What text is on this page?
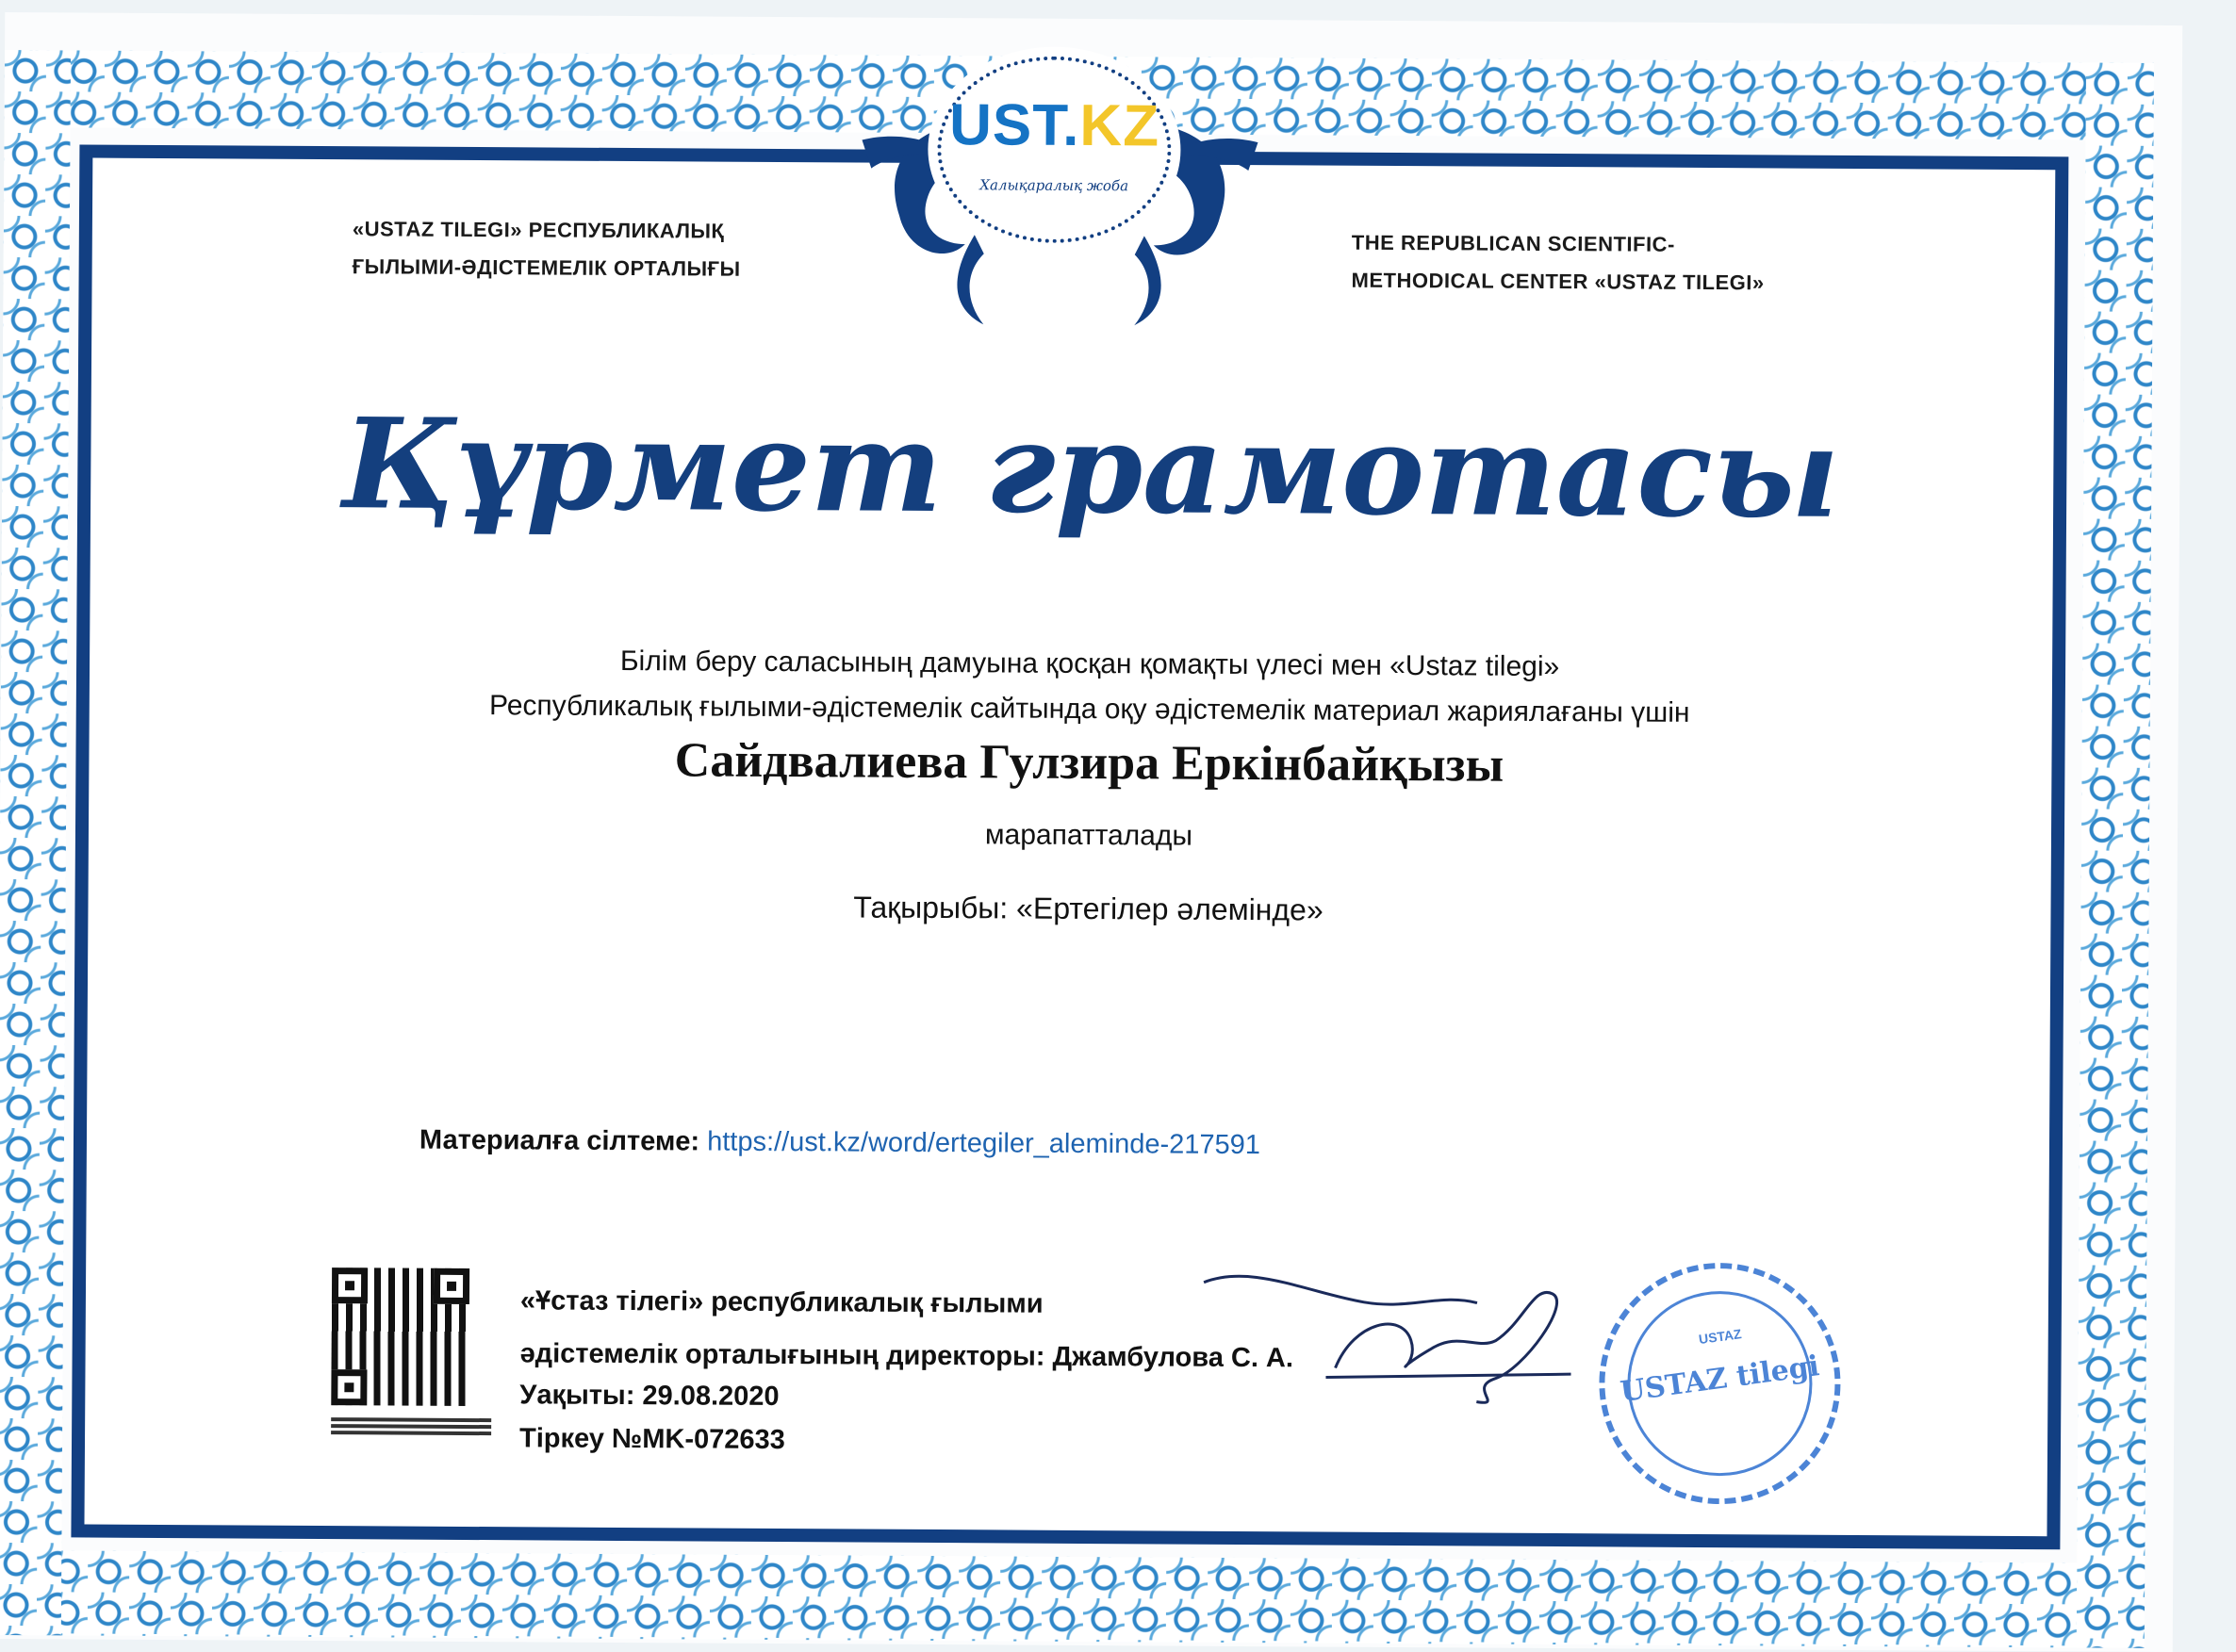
UST.KZ
Халықаралық жоба
«USTAZ TILEGI» РЕСПУБЛИКАЛЫҚ
ҒЫЛЫМИ-ӘДІСТЕМЕЛІК ОРТАЛЫҒЫ
THE REPUBLICAN SCIENTIFIC-
METHODICAL CENTER «USTAZ TILEGI»
Құрмет грамотасы
Білім беру саласының дамуына қосқан қомақты үлесі мен «Ustaz tilegi»
Республикалық ғылыми-әдістемелік сайтында оқу әдістемелік материал жариялағаны үшін
Сайдвалиева Гулзира Еркінбайқызы
марапатталады
Тақырыбы: «Ертегілер әлемінде»
Материалға сілтеме: https://ust.kz/word/ertegiler_aleminde-217591
«Ұстаз тілегі» республикалық ғылыми
әдістемелік орталығының директоры: Джамбулова С. А.
Уақыты: 29.08.2020
Тіркеу №MK-072633
USTAZ
USTAZ tilegi
